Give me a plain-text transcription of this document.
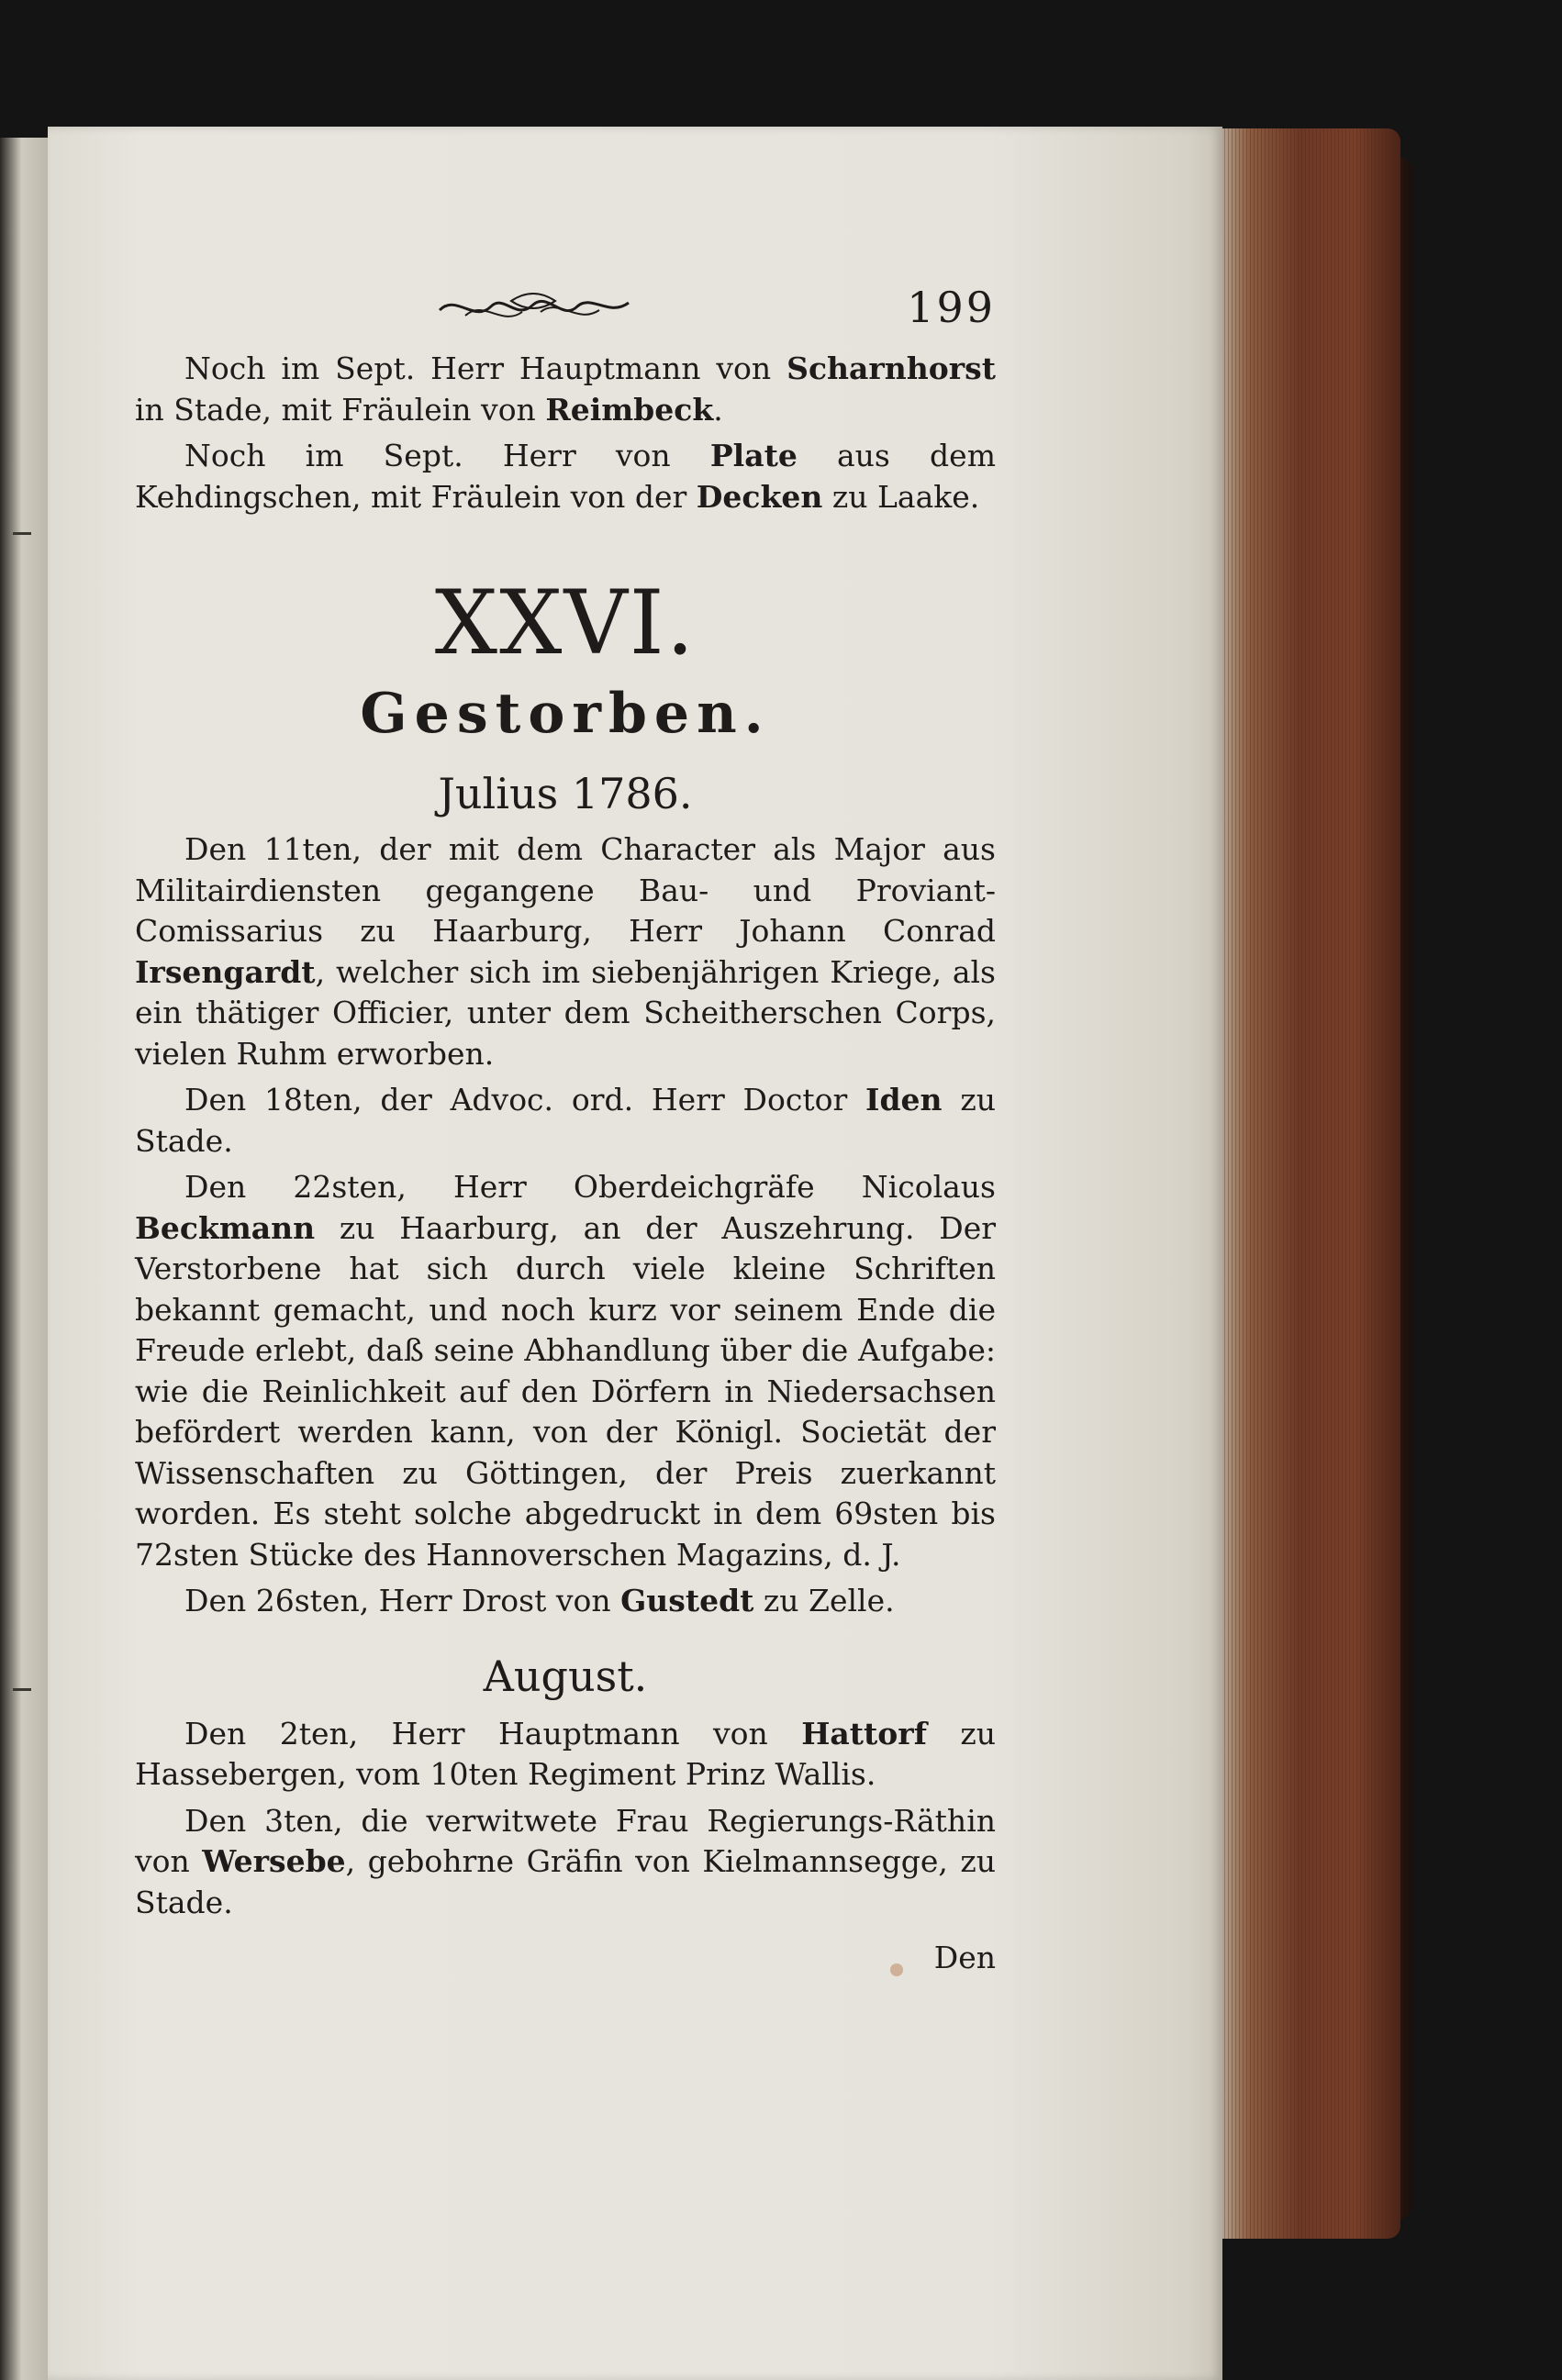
199

Noch im Sept. Herr Hauptmann von Scharnhorst in Stade, mit Fräulein von Reimbeck.

Noch im Sept. Herr von Plate aus dem Kehdingschen, mit Fräulein von der Decken zu Laake.

XXVI.
Gestorben.
Julius 1786.

Den 11ten, der mit dem Character als Major aus Militairdiensten gegangene Bau- und Proviant-Comissarius zu Haarburg, Herr Johann Conrad Irsengardt, welcher sich im siebenjährigen Kriege, als ein thätiger Officier, unter dem Scheitherschen Corps, vielen Ruhm erworben.

Den 18ten, der Advoc. ord. Herr Doctor Iden zu Stade.

Den 22sten, Herr Oberdeichgräfe Nicolaus Beckmann zu Haarburg, an der Auszehrung. Der Verstorbene hat sich durch viele kleine Schriften bekannt gemacht, und noch kurz vor seinem Ende die Freude erlebt, daß seine Abhandlung über die Aufgabe: wie die Reinlichkeit auf den Dörfern in Niedersachsen befördert werden kann, von der Königl. Societät der Wissenschaften zu Göttingen, der Preis zuerkannt worden. Es steht solche abgedruckt in dem 69sten bis 72sten Stücke des Hannoverschen Magazins, d. J.

Den 26sten, Herr Drost von Gustedt zu Zelle.

August.

Den 2ten, Herr Hauptmann von Hattorf zu Hassebergen, vom 10ten Regiment Prinz Wallis.

Den 3ten, die verwitwete Frau Regierungs-Räthin von Wersebe, gebohrne Gräfin von Kielmannsegge, zu Stade.

Den
